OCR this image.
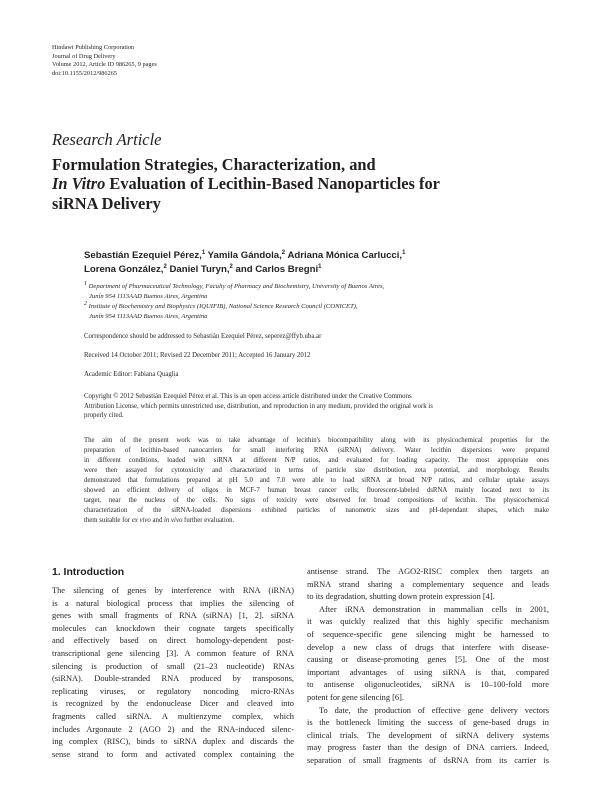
Hindawi Publishing Corporation
Journal of Drug Delivery
Volume 2012, Article ID 986265, 9 pages
doi:10.1155/2012/986265
Research Article
Formulation Strategies, Characterization, and
In Vitro Evaluation of Lecithin-Based Nanoparticles for
siRNA Delivery
Sebastián Ezequiel Pérez,$^1$ Yamila Gándola,$^2$ Adriana Mónica Carlucci,$^1$
Lorena González,$^2$ Daniel Turyn,$^2$ and Carlos Bregni$^1$
$^1$ Department of Pharmaceutical Technology, Faculty of Pharmacy and Biochemistry, University of Buenos Aires,
Junín 954 1113AAD Buenos Aires, Argentina
$^2$ Institute of Biochemistry and Biophysics (IQUIFIB), National Science Research Council (CONICET),
Junín 954 1113AAD Buenos Aires, Argentina
Correspondence should be addressed to Sebastián Ezequiel Pérez, seperez@ffyb.uba.ar
Received 14 October 2011; Revised 22 December 2011; Accepted 16 January 2012
Academic Editor: Fabiana Quaglia
Copyright © 2012 Sebastián Ezequiel Pérez et al. This is an open access article distributed under the Creative Commons
Attribution License, which permits unrestricted use, distribution, and reproduction in any medium, provided the original work is
properly cited.
The aim of the present work was to take advantage of lecithin's biocompatibility along with its physicochemical properties for the
preparation of lecithin-based nanocarriers for small interfering RNA (siRNA) delivery. Water lecithin dispersions were prepared
in different conditions, loaded with siRNA at different N/P ratios, and evaluated for loading capacity. The most appropriate ones
were then assayed for cytotoxicity and characterized in terms of particle size distribution, zeta potential, and morphology. Results
demonstrated that formulations prepared at pH 5.0 and 7.0 were able to load siRNA at broad N/P ratios, and cellular uptake assays
showed an efficient delivery of oligos in MCF-7 human breast cancer cells; fluorescent-labeled dsRNA mainly located next to its
target, near the nucleus of the cells. No signs of toxicity were observed for broad compositions of lecithin. The physicochemical
characterization of the siRNA-loaded dispersions exhibited particles of nanometric sizes and pH-dependant shapes, which make
them suitable for ex vivo and in vivo further evaluation.
1. Introduction
The silencing of genes by interference with RNA (iRNA)
is a natural biological process that implies the silencing of
genes with small fragments of RNA (siRNA) [1, 2]. siRNA
molecules can knockdown their cognate targets specifically
and effectively based on direct homology-dependent post-
transcriptional gene silencing [3]. A common feature of RNA
silencing is production of small (21–23 nucleotide) RNAs
(siRNA). Double-stranded RNA produced by transposons,
replicating viruses, or regulatory noncoding micro-RNAs
is recognized by the endonuclease Dicer and cleaved into
fragments called siRNA. A multienzyme complex, which
includes Argonaute 2 (AGO 2) and the RNA-induced silenc-
ing complex (RISC), binds to siRNA duplex and discards the
sense strand to form and activated complex containing the
antisense strand. The AGO2-RISC complex then targets an
mRNA strand sharing a complementary sequence and leads
to its degradation, shutting down protein expression [4].
After iRNA demonstration in mammalian cells in 2001,
it was quickly realized that this highly specific mechanism
of sequence-specific gene silencing might be harnessed to
develop a new class of drugs that interfere with disease-
causing or disease-promoting genes [5]. One of the most
important advantages of using siRNA is that, compared
to antisense oligonucleotides, siRNA is 10–100-fold more
potent for gene silencing [6].
To date, the production of effective gene delivery vectors
is the bottleneck limiting the success of gene-based drugs in
clinical trials. The development of siRNA delivery systems
may progress faster than the design of DNA carriers. Indeed,
separation of small fragments of dsRNA from its carrier is
